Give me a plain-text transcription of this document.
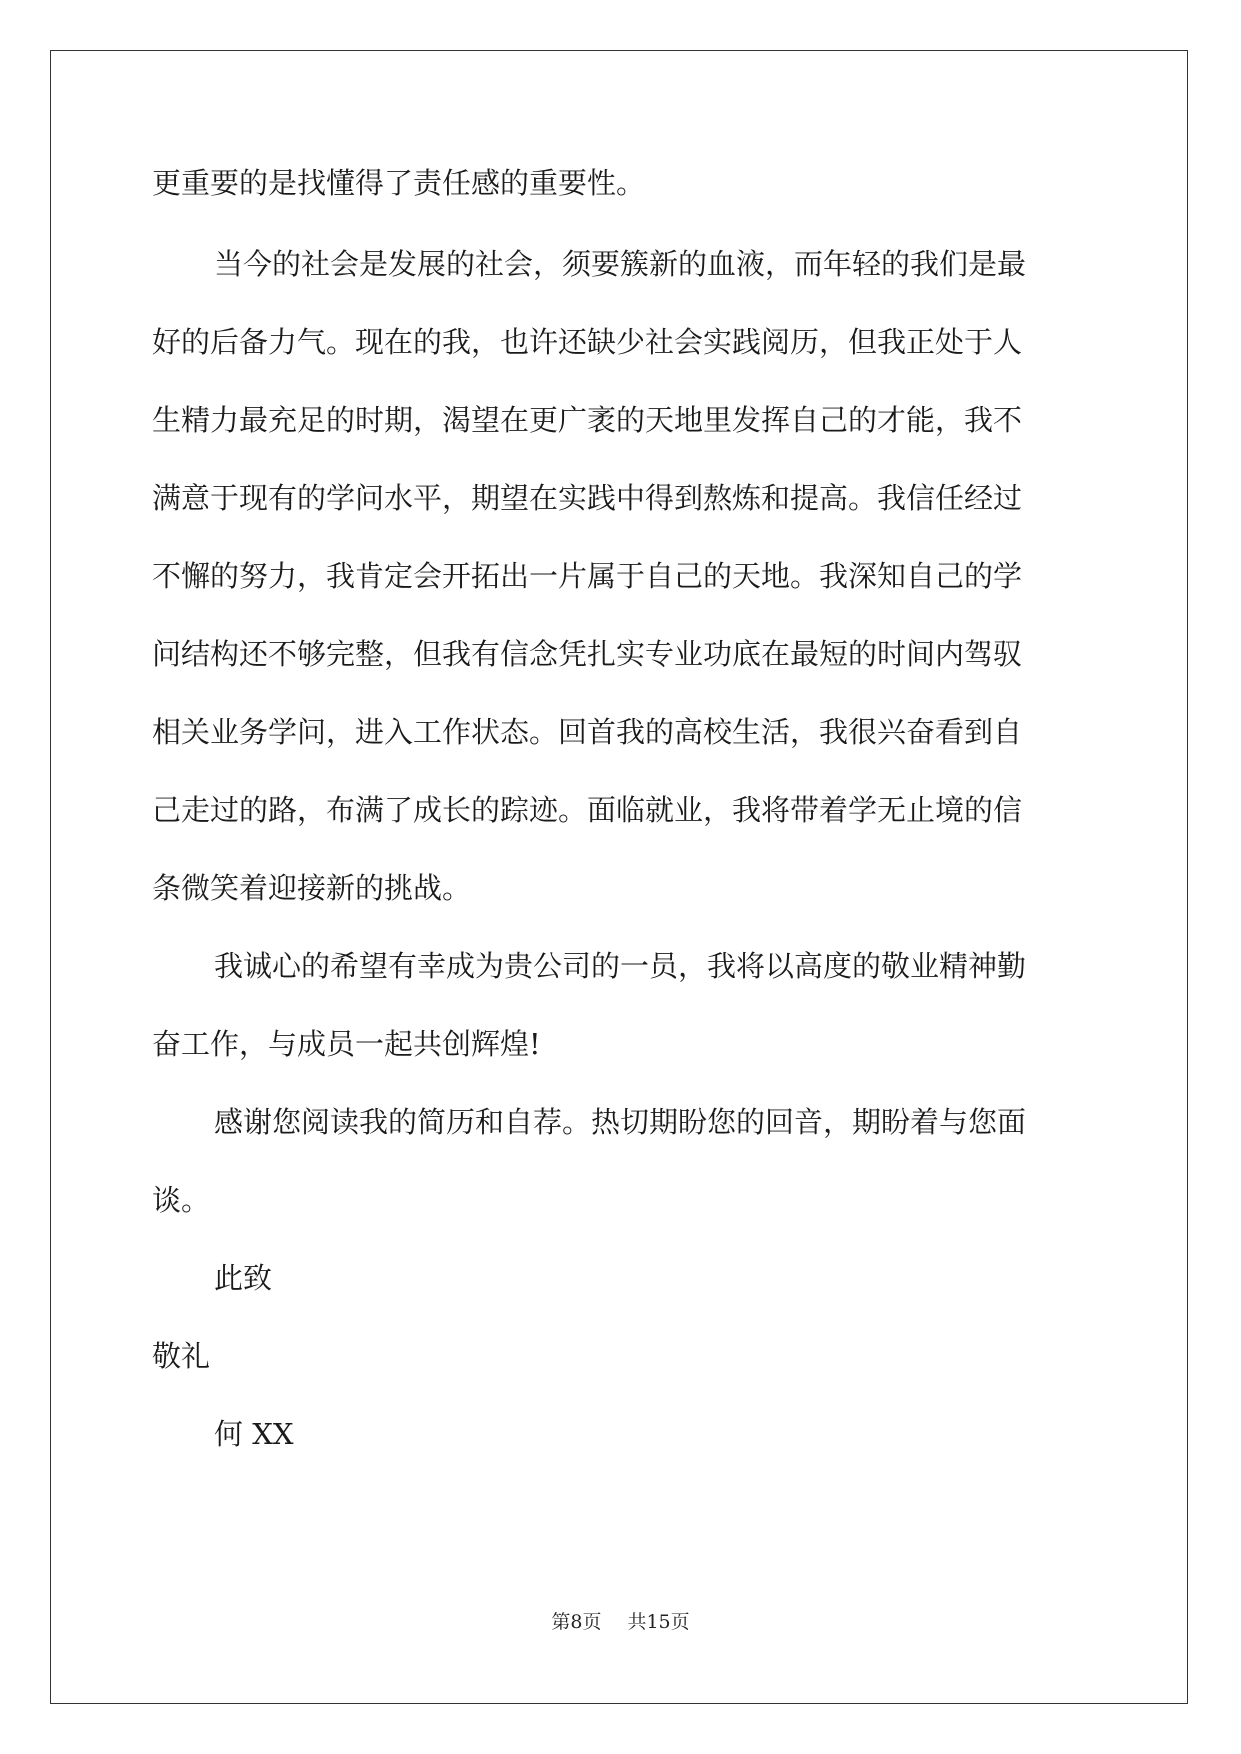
更重要的是找懂得了责任感的重要性。
当今的社会是发展的社会，须要簇新的血液，而年轻的我们是最
好的后备力气。现在的我，也许还缺少社会实践阅历，但我正处于人
生精力最充足的时期，渴望在更广袤的天地里发挥自己的才能，我不
满意于现有的学问水平，期望在实践中得到熬炼和提高。我信任经过
不懈的努力，我肯定会开拓出一片属于自己的天地。我深知自己的学
问结构还不够完整，但我有信念凭扎实专业功底在最短的时间内驾驭
相关业务学问，进入工作状态。回首我的高校生活，我很兴奋看到自
己走过的路，布满了成长的踪迹。面临就业，我将带着学无止境的信
条微笑着迎接新的挑战。
我诚心的希望有幸成为贵公司的一员，我将以高度的敬业精神勤
奋工作，与成员一起共创辉煌!
感谢您阅读我的简历和自荐。热切期盼您的回音，期盼着与您面
谈。
此致
敬礼
何 XX
第8页 共15页
